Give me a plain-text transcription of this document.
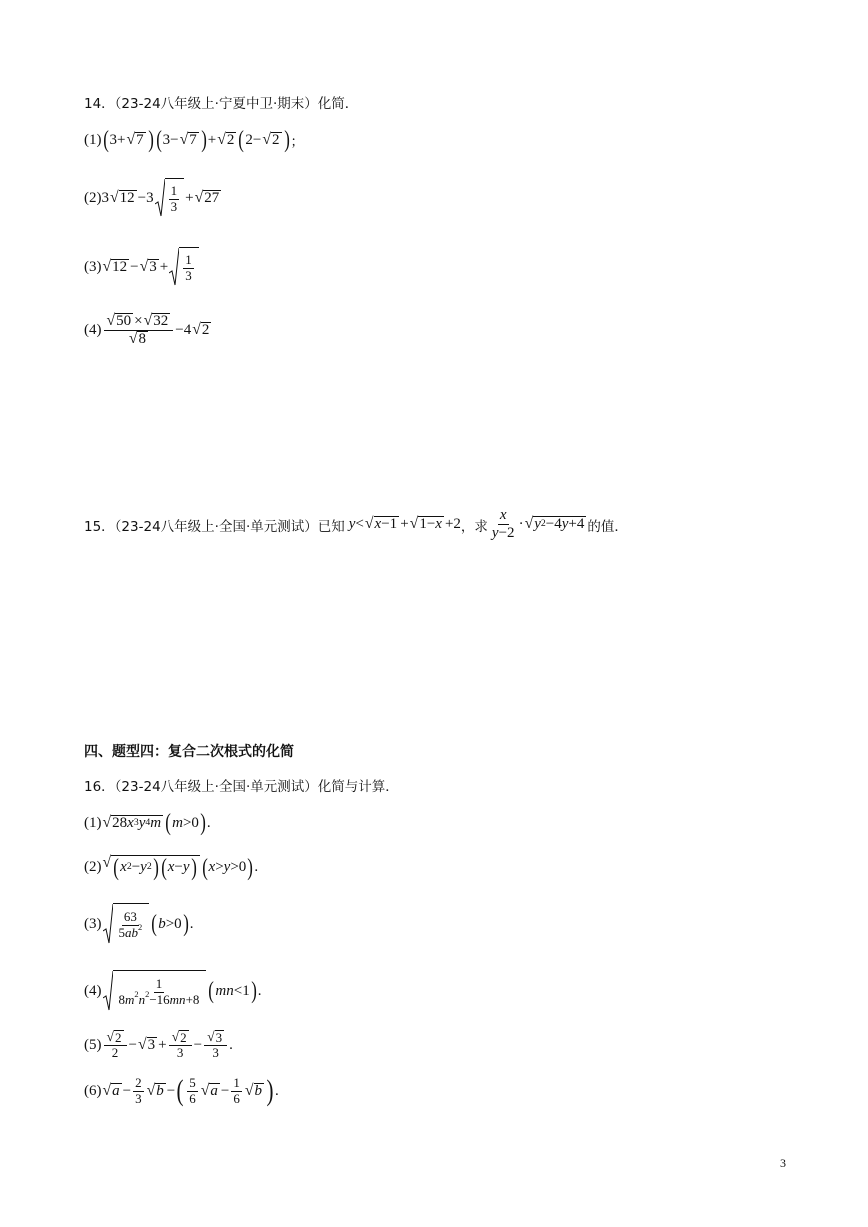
14．（23-24八年级上·宁夏中卫·期末）化简．
(1) ( 3+ √ 7 ) ( 3− √ 7 ) + √ 2 ( 2− √ 2 ) ；
(2) 3 √ $12 -3 \frac{1}{3}$ + √ 27
(3) √ 12 − √ $3 + \frac{1}{3}$
$(4) \frac{√ 50 \times √ 32}{√ 8} -4$ √ 2
15．（23-24八年级上·全国·单元测试）已知 y < √ x −1 + √ 1− x +2 ，求 $\frac{x}{y-2}$ · √ $y^2 -4$ y +4 的值．
四、题型四：复合二次根式的化简
16．（23-24八年级上·全国·单元测试）化简与计算．
(1) √ 28 $x^3$ $y^4$ m ( m>0 ) .
(2) √ ( $x^2 - y^2$ ) ( x − y ) ( x>y>0 ) .
$(3) \frac{63}{5ab^2}$ ( b>0 ) .
$(4) \frac{1}{8m^2n^2-16mn+8}$ ( mn<1 ) .
$(5) \frac{√ 2}{2}$ − √ $3 + \frac{√ 2}{3} - \frac{√ 3}{3}$ .
(6) √ $a - \frac{2}{3}$ √ b − ( $\frac{5}{6}$ √ $a - \frac{1}{6}$ √ b ) .
3
